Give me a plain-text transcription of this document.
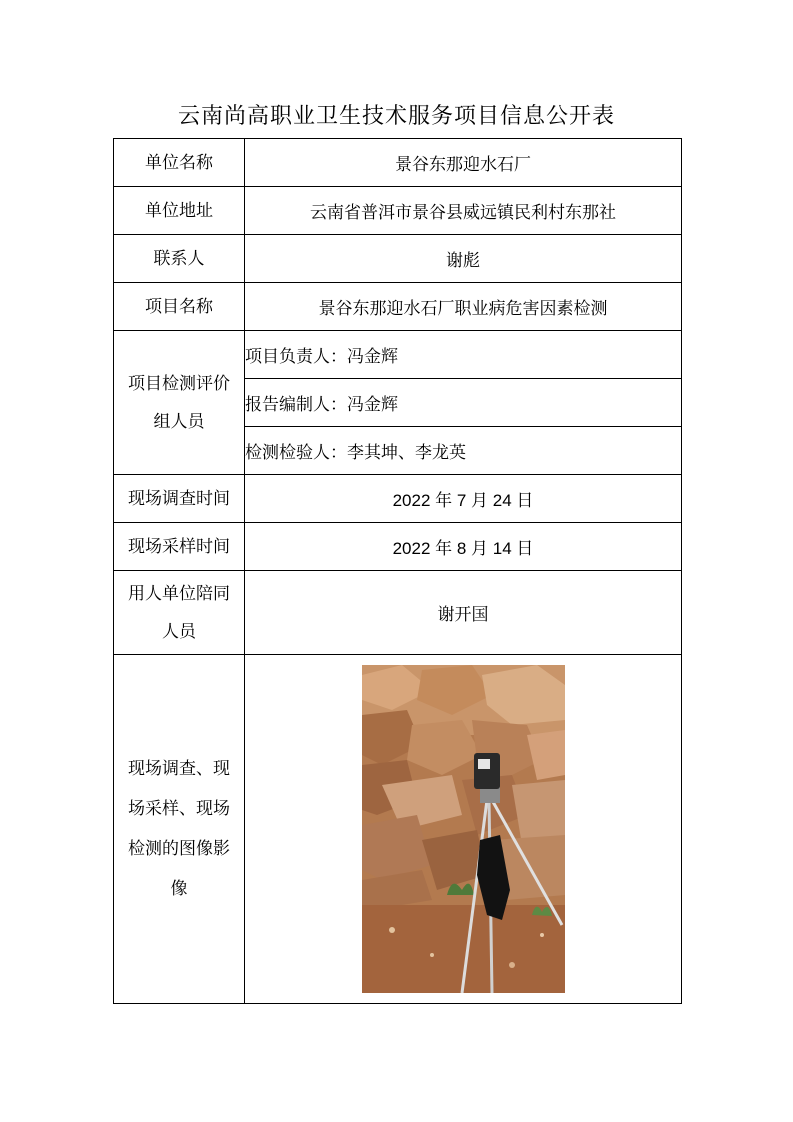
云南尚高职业卫生技术服务项目信息公开表
单位名称	景谷东那迎水石厂
单位地址	云南省普洱市景谷县威远镇民利村东那社
联系人	谢彪
项目名称	景谷东那迎水石厂职业病危害因素检测
项目检测评价组人员	项目负责人：冯金辉
	报告编制人：冯金辉
	检测检验人：李其坤、李龙英
现场调查时间	2022 年 7 月 24 日
现场采样时间	2022 年 8 月 14 日
用人单位陪同人员	谢开国
现场调查、现场采样、现场检测的图像影像	
